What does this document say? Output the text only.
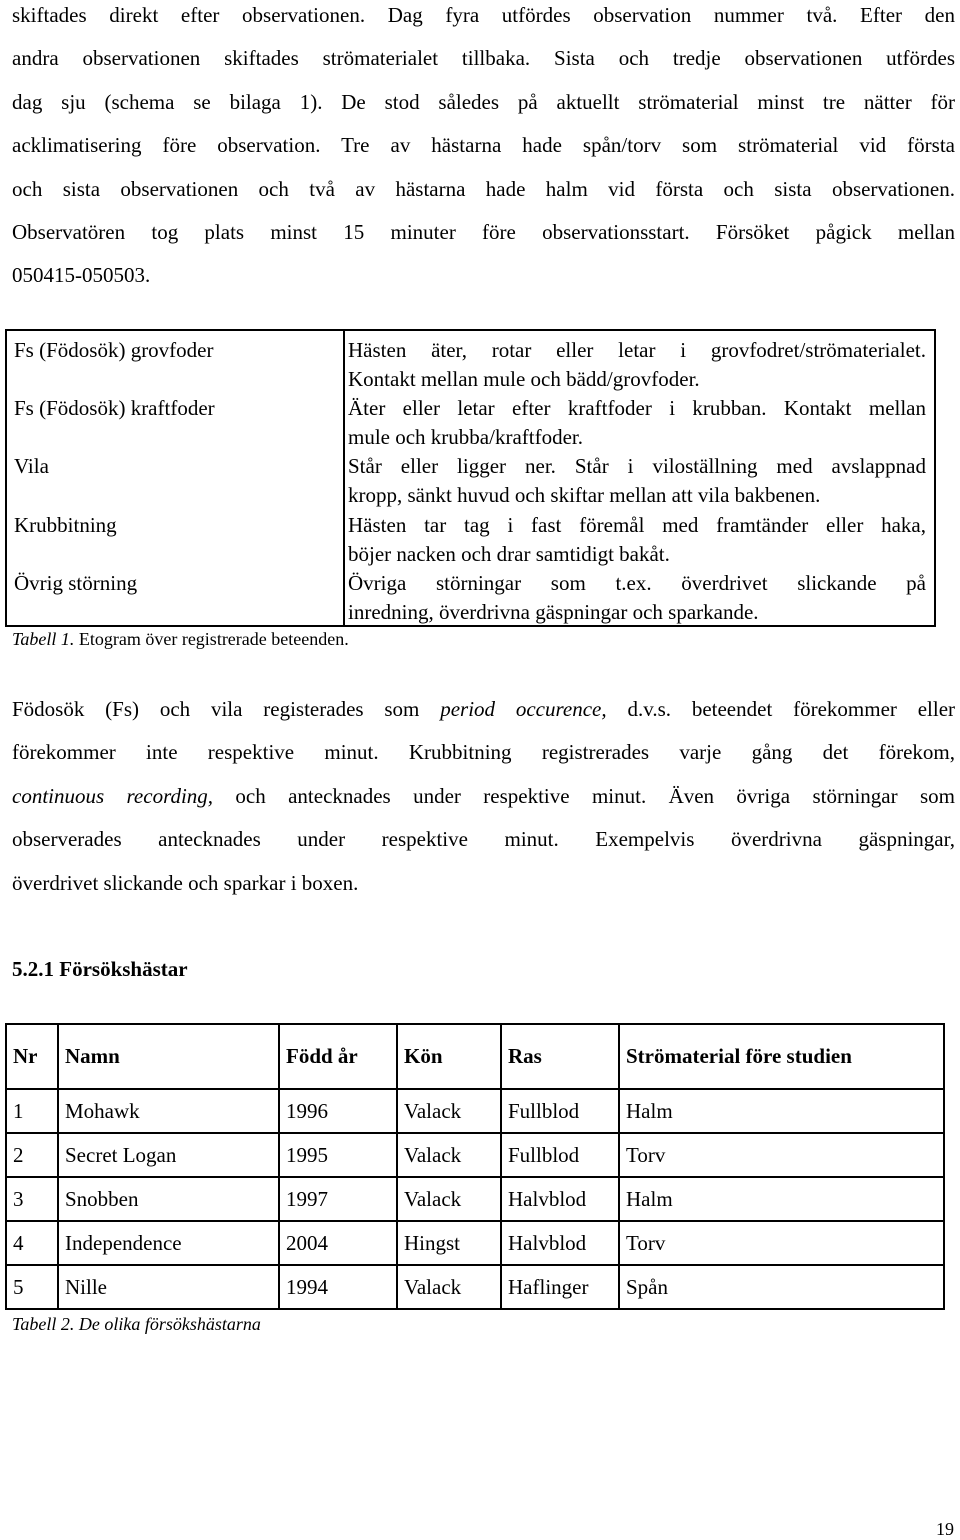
skiftades direkt efter observationen. Dag fyra utfördes observation nummer två. Efter den
andra observationen skiftades strömaterialet tillbaka. Sista och tredje observationen utfördes
dag sju (schema se bilaga 1). De stod således på aktuellt strömaterial minst tre nätter för
acklimatisering före observation. Tre av hästarna hade spån/torv som strömaterial vid första
och sista observationen och två av hästarna hade halm vid första och sista observationen.
Observatören tog plats minst 15 minuter före observationsstart. Försöket pågick mellan
050415-050503.
Fs (Födosök) grovfoder	Hästen äter, rotar eller letar i grovfodret/strömaterialet.
Kontakt mellan mule och bädd/grovfoder.
Fs (Födosök) kraftfoder	Äter eller letar efter kraftfoder i krubban. Kontakt mellan
mule och krubba/kraftfoder.
Vila	Står eller ligger ner. Står i viloställning med avslappnad
kropp, sänkt huvud och skiftar mellan att vila bakbenen.
Krubbitning	Hästen tar tag i fast föremål med framtänder eller haka,
böjer nacken och drar samtidigt bakåt.
Övrig störning	Övriga störningar som t.ex. överdrivet slickande på
inredning, överdrivna gäspningar och sparkande.
Tabell 1. Etogram över registrerade beteenden.
Födosök (Fs) och vila registerades som period occurence, d.v.s. beteendet förekommer eller
förekommer inte respektive minut. Krubbitning registrerades varje gång det förekom,
continuous recording, och antecknades under respektive minut. Även övriga störningar som
observerades antecknades under respektive minut. Exempelvis överdrivna gäspningar,
överdrivet slickande och sparkar i boxen.
5.2.1 Försökshästar
Nr	Namn	Född år	Kön	Ras	Strömaterial före studien
1	Mohawk	1996	Valack	Fullblod	Halm
2	Secret Logan	1995	Valack	Fullblod	Torv
3	Snobben	1997	Valack	Halvblod	Halm
4	Independence	2004	Hingst	Halvblod	Torv
5	Nille	1994	Valack	Haflinger	Spån
Tabell 2. De olika försökshästarna
19
